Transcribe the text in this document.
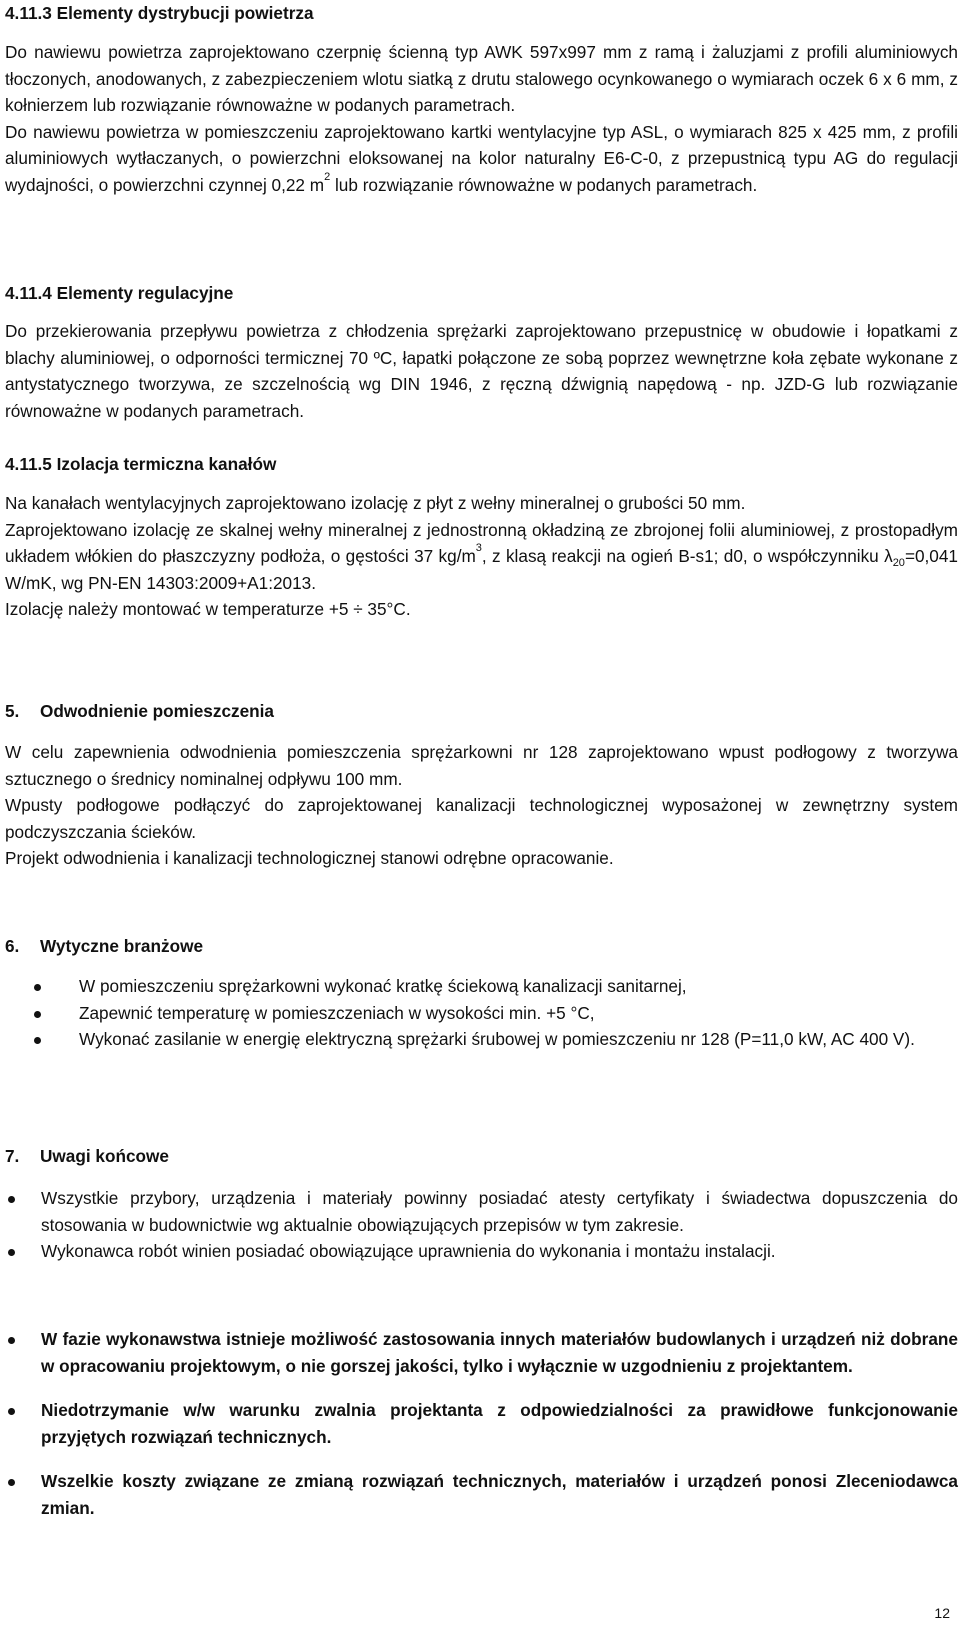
4.11.3 Elementy dystrybucji powietrza

Do nawiewu powietrza zaprojektowano czerpnię ścienną typ AWK 597x997 mm z ramą i żaluzjami z profili aluminiowych tłoczonych, anodowanych, z zabezpieczeniem wlotu siatką z drutu stalowego ocynkowanego o wymiarach oczek 6 x 6 mm, z kołnierzem lub rozwiązanie równoważne w podanych parametrach.

Do nawiewu powietrza w pomieszczeniu zaprojektowano kartki wentylacyjne typ ASL, o wymiarach 825 x 425 mm, z profili aluminiowych wytłaczanych, o powierzchni eloksowanej na kolor naturalny E6-C-0, z przepustnicą typu AG do regulacji wydajności, o powierzchni czynnej 0,22 $m^2$ lub rozwiązanie równoważne w podanych parametrach.

4.11.4 Elementy regulacyjne

Do przekierowania przepływu powietrza z chłodzenia sprężarki zaprojektowano przepustnicę w obudowie i łopatkami z blachy aluminiowej, o odporności termicznej 70 ºC, łapatki połączone ze sobą poprzez wewnętrzne koła zębate wykonane z antystatycznego tworzywa, ze szczelnością wg DIN 1946, z ręczną dźwignią napędową - np. JZD-G lub rozwiązanie równoważne w podanych parametrach.

4.11.5 Izolacja termiczna kanałów

Na kanałach wentylacyjnych zaprojektowano izolację z płyt z wełny mineralnej o grubości 50 mm.

Zaprojektowano izolację ze skalnej wełny mineralnej z jednostronną okładziną ze zbrojonej folii aluminiowej, z prostopadłym układem włókien do płaszczyzny podłoża, o gęstości 37 $kg/m^3$, z klasą reakcji na ogień B-s1; d0, o współczynniku $\lambda_{20}=0,041$ W/mK, wg PN-EN 14303:2009+A1:2013.

Izolację należy montować w temperaturze +5 ÷ 35°C.

5. Odwodnienie pomieszczenia

W celu zapewnienia odwodnienia pomieszczenia sprężarkowni nr 128 zaprojektowano wpust podłogowy z tworzywa sztucznego o średnicy nominalnej odpływu 100 mm.

Wpusty podłogowe podłączyć do zaprojektowanej kanalizacji technologicznej wyposażonej w zewnętrzny system podczyszczania ścieków.

Projekt odwodnienia i kanalizacji technologicznej stanowi odrębne opracowanie.

6. Wytyczne branżowe
W pomieszczeniu sprężarkowni wykonać kratkę ściekową kanalizacji sanitarnej,
Zapewnić temperaturę w pomieszczeniach w wysokości min. +5 °C,
Wykonać zasilanie w energię elektryczną sprężarki śrubowej w pomieszczeniu nr 128 (P=11,0 kW, AC 400 V).
7. Uwagi końcowe
Wszystkie przybory, urządzenia i materiały powinny posiadać atesty certyfikaty i świadectwa dopuszczenia do stosowania w budownictwie wg aktualnie obowiązujących przepisów w tym zakresie.
Wykonawca robót winien posiadać obowiązujące uprawnienia do wykonania i montażu instalacji.
W fazie wykonawstwa istnieje możliwość zastosowania innych materiałów budowlanych i urządzeń niż dobrane w opracowaniu projektowym, o nie gorszej jakości, tylko i wyłącznie w uzgodnieniu z projektantem.
Niedotrzymanie w/w warunku zwalnia projektanta z odpowiedzialności za prawidłowe funkcjonowanie przyjętych rozwiązań technicznych.
Wszelkie koszty związane ze zmianą rozwiązań technicznych, materiałów i urządzeń ponosi Zleceniodawca zmian.
12
